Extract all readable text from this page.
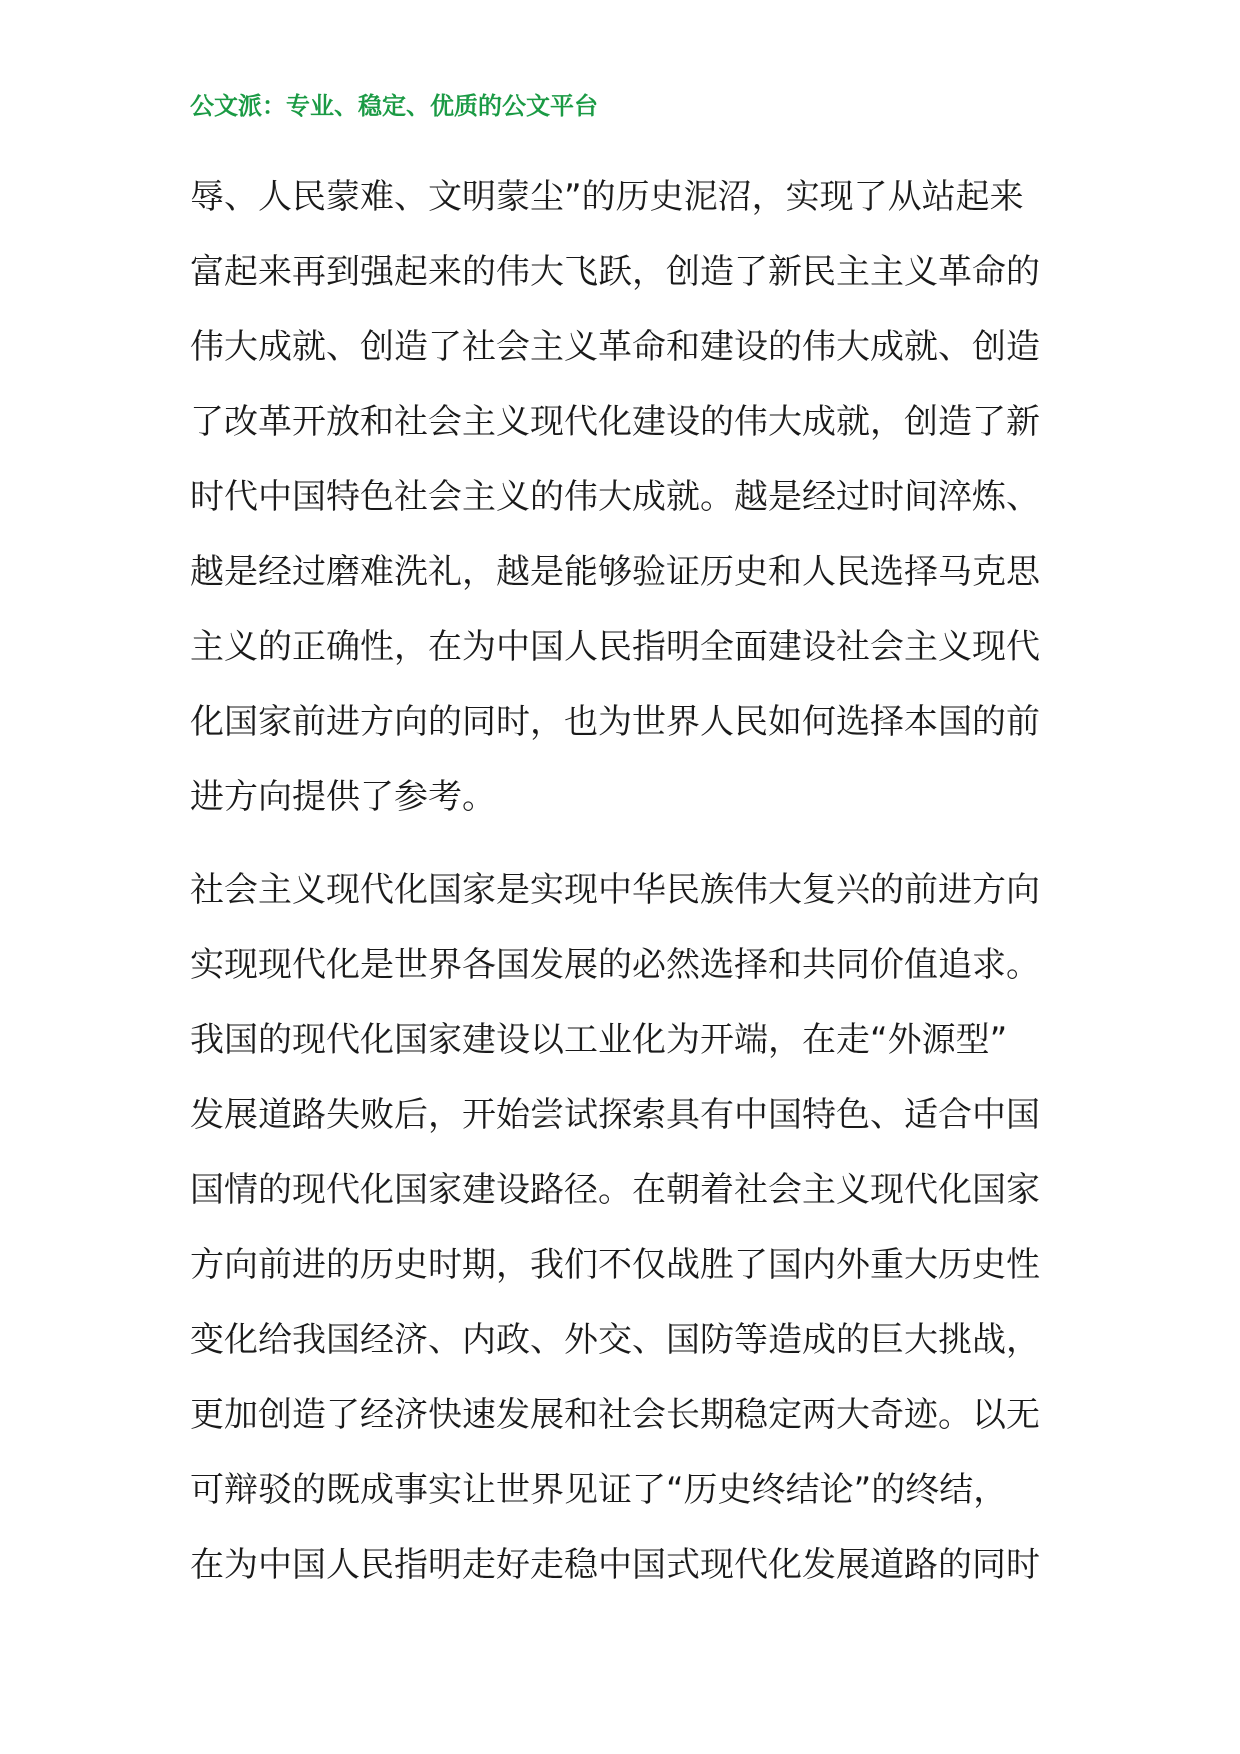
公文派：专业、稳定、优质的公文平台
辱、人民蒙难、文明蒙尘”的历史泥沼，实现了从站起来
富起来再到强起来的伟大飞跃，创造了新民主主义革命的
伟大成就、创造了社会主义革命和建设的伟大成就、创造
了改革开放和社会主义现代化建设的伟大成就，创造了新
时代中国特色社会主义的伟大成就。越是经过时间淬炼、
越是经过磨难洗礼，越是能够验证历史和人民选择马克思
主义的正确性，在为中国人民指明全面建设社会主义现代
化国家前进方向的同时，也为世界人民如何选择本国的前
进方向提供了参考。
社会主义现代化国家是实现中华民族伟大复兴的前进方向
实现现代化是世界各国发展的必然选择和共同价值追求。
我国的现代化国家建设以工业化为开端，在走“外源型”
发展道路失败后，开始尝试探索具有中国特色、适合中国
国情的现代化国家建设路径。在朝着社会主义现代化国家
方向前进的历史时期，我们不仅战胜了国内外重大历史性
变化给我国经济、内政、外交、国防等造成的巨大挑战，
更加创造了经济快速发展和社会长期稳定两大奇迹。以无
可辩驳的既成事实让世界见证了“历史终结论”的终结，
在为中国人民指明走好走稳中国式现代化发展道路的同时
